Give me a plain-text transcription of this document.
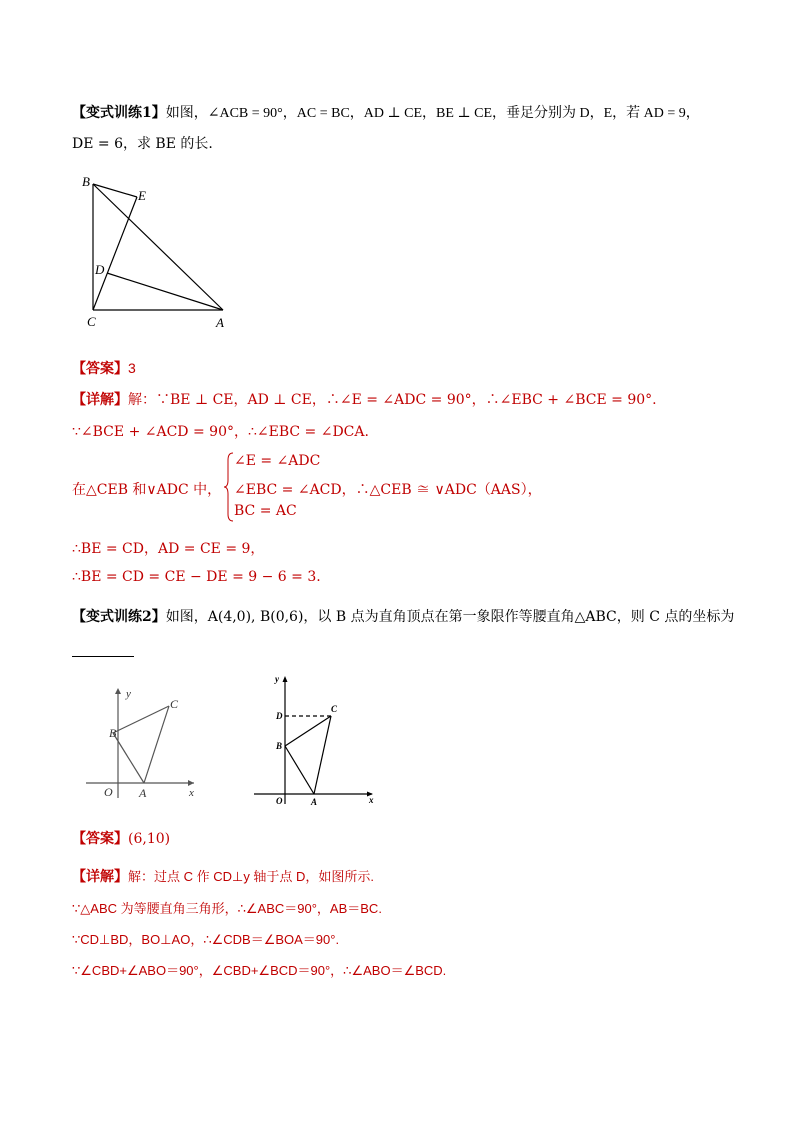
【变式训练1】如图，∠ACB = 90°，AC = BC，AD ⊥ CE，BE ⊥ CE，垂足分别为 D，E，若 AD = 9，
DE = 6，求 BE 的长.
B
E
D
C	A
【答案】3
【详解】解：∵BE ⊥ CE，AD ⊥ CE，∴∠E = ∠ADC = 90°，∴∠EBC + ∠BCE = 90°.
∵∠BCE + ∠ACD = 90°，∴∠EBC = ∠DCA.
在△CEB 和∨ADC 中，
∠E = ∠ADC
∠EBC = ∠ACD，∴△CEB ≅ ∨ADC（AAS），
BC = AC
∴BE = CD，AD = CE = 9，
∴BE = CD = CE − DE = 9 − 6 = 3.
【变式训练2】如图，A(4,0), B(0,6)，以 B 点为直角顶点在第一象限作等腰直角△ABC，则 C 点的坐标为
y
C
B
O A	x
y
D
C
B
O	A	x
【答案】(6,10)
【详解】解：过点 C 作 CD⊥y 轴于点 D，如图所示.
∵△ABC 为等腰直角三角形，∴∠ABC＝90°，AB＝BC.
∵CD⊥BD，BO⊥AO，∴∠CDB＝∠BOA＝90°.
∵∠CBD+∠ABO＝90°，∠CBD+∠BCD＝90°，∴∠ABO＝∠BCD.
